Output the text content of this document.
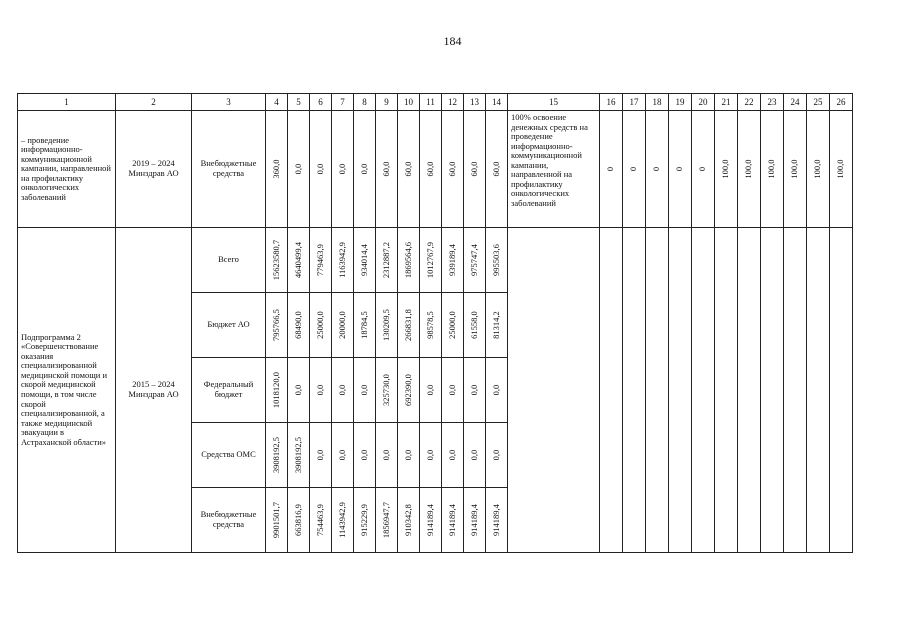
184
1	2	3	4	5	6	7	8	9	10	11	12	13	14	15	16	17	18	19	20	21	22	23	24	25	26
– проведение информационно-коммуникационной кампании, направленной на профилактику онкологических заболеваний	2019 – 2024 Минздрав АО	Внебюджетные средства	360,0	0,0	0,0	0,0	0,0	60,0	60,0	60,0	60,0	60,0	60,0	100% освоение денежных средств на проведение информационно-коммуникационной кампании, направленной на профилактику онкологических заболеваний	0	0	0	0	0	100,0	100,0	100,0	100,0	100,0	100,0

Подпрограмма 2 «Совершенствование оказания специализированной медицинской помощи и скорой медицинской помощи, в том числе скорой специализированной, а также медицинской эвакуации в Астраханской области»	2015 – 2024 Минздрав АО	Всего	15623580,7	4640499,4	779463,9	1163942,9	934014,4	2312887,2	1869564,6	1012767,9	939189,4	975747,4	995503,6												

		Бюджет АО	795766,5	68490,0	25000,0	20000,0	18784,5	130209,5	266831,8	98578,5	25000,0	61558,0	81314,2												

		Федеральный бюджет	1018120,0	0,0	0,0	0,0	0,0	325730,0	692390,0	0,0	0,0	0,0	0,0												

		Средства ОМС	3908192,5	3908192,5	0,0	0,0	0,0	0,0	0,0	0,0	0,0	0,0	0,0												

		Внебюджетные средства	9901501,7	663816,9	754463,9	1143942,9	915229,9	1856947,7	910342,8	914189,4	914189,4	914189,4	914189,4												
